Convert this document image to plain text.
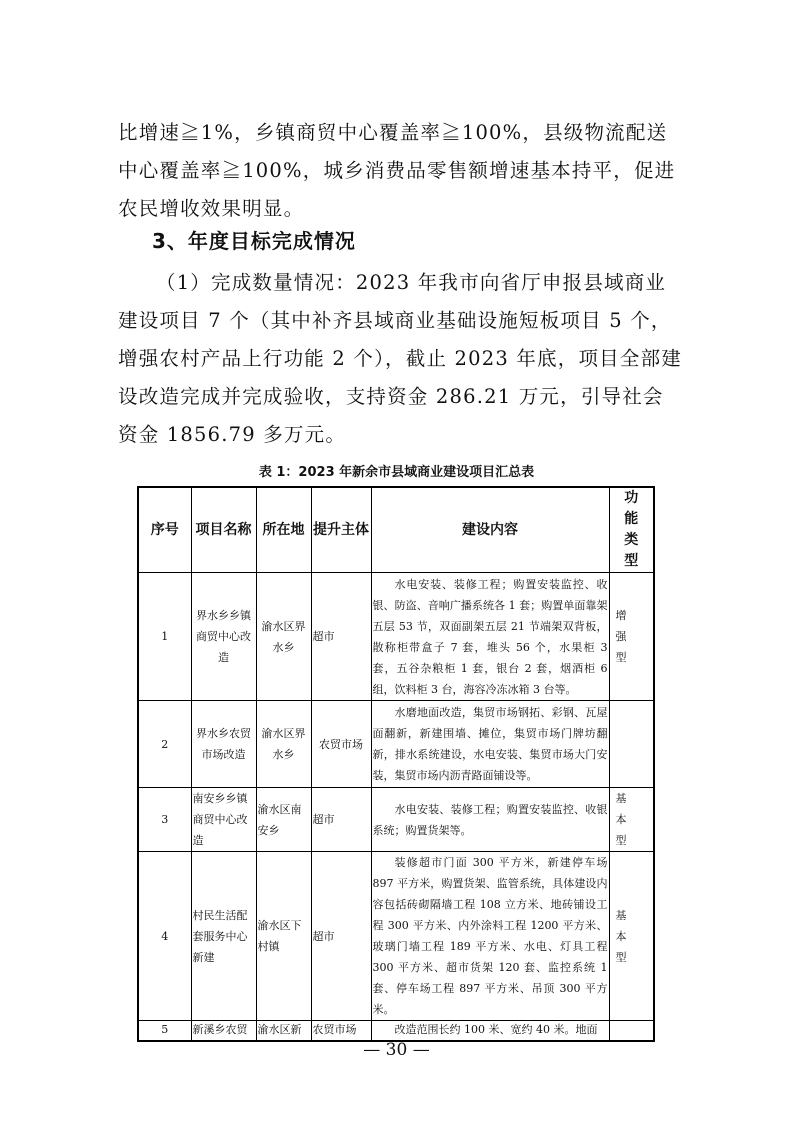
比增速≧1%，乡镇商贸中心覆盖率≧100%，县级物流配送中心覆盖率≧100%，城乡消费品零售额增速基本持平，促进农民增收效果明显。

3、年度目标完成情况

（1）完成数量情况：2023 年我市向省厅申报县域商业建设项目 7 个（其中补齐县域商业基础设施短板项目 5 个，增强农村产品上行功能 2 个），截止 2023 年底，项目全部建设改造完成并完成验收，支持资金 286.21 万元，引导社会资金 1856.79 多万元。

表 1：2023 年新余市县域商业建设项目汇总表

序号	项目名称	所在地	提升主体	建设内容	功能类型
1	界水乡乡镇商贸中心改造	渝水区界水乡	超市	水电安装、装修工程；购置安装监控、收银、防盗、音响广播系统各 1 套；购置单面靠架五层 53 节，双面副架五层 21 节端架双背板，散称柜带盒子 7 套，堆头 56 个，水果柜 3 套，五谷杂粮柜 1 套，银台 2 套，烟酒柜 6 组，饮料柜 3 台，海容冷冻冰箱 3 台等。	增强型
2	界水乡农贸市场改造	渝水区界水乡	农贸市场	水磨地面改造，集贸市场钢拓、彩钢、瓦屋面翻新，新建围墙、摊位，集贸市场门牌坊翻新，排水系统建设，水电安装、集贸市场大门安装，集贸市场内沥青路面铺设等。	
3	南安乡乡镇商贸中心改造	渝水区南安乡	超市	水电安装、装修工程；购置安装监控、收银系统；购置货架等。	基本型
4	村民生活配套服务中心新建	渝水区下村镇	超市	装修超市门面 300 平方米，新建停车场 897 平方米，购置货架、监管系统，具体建设内容包括砖砌隔墙工程 108 立方米、地砖铺设工程 300 平方米、内外涂料工程 1200 平方米、玻璃门墙工程 189 平方米、水电、灯具工程 300 平方米、超市货架 120 套、监控系统 1 套、停车场工程 897 平方米、吊顶 300 平方米。	基本型
5	新溪乡农贸	渝水区新	农贸市场	改造范围长约 100 米、宽约 40 米。地面	

— 30 —
